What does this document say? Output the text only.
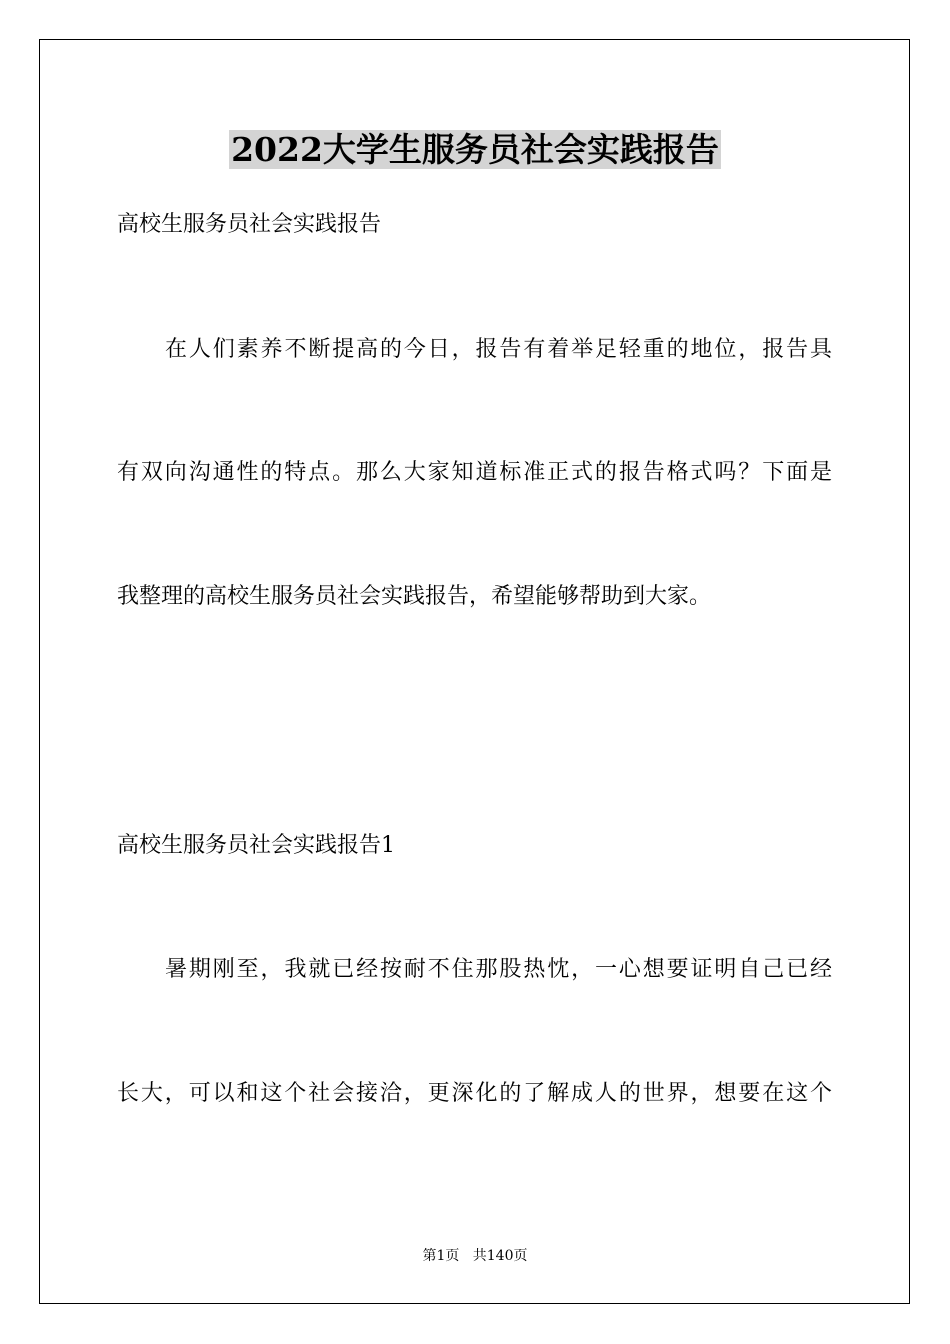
2022大学生服务员社会实践报告
高校生服务员社会实践报告
在人们素养不断提高的今日，报告有着举足轻重的地位，报告具
有双向沟通性的特点。那么大家知道标准正式的报告格式吗？下面是
我整理的高校生服务员社会实践报告，希望能够帮助到大家。
高校生服务员社会实践报告1
暑期刚至，我就已经按耐不住那股热忱，一心想要证明自己已经
长大，可以和这个社会接洽，更深化的了解成人的世界，想要在这个
第1页 共140页
